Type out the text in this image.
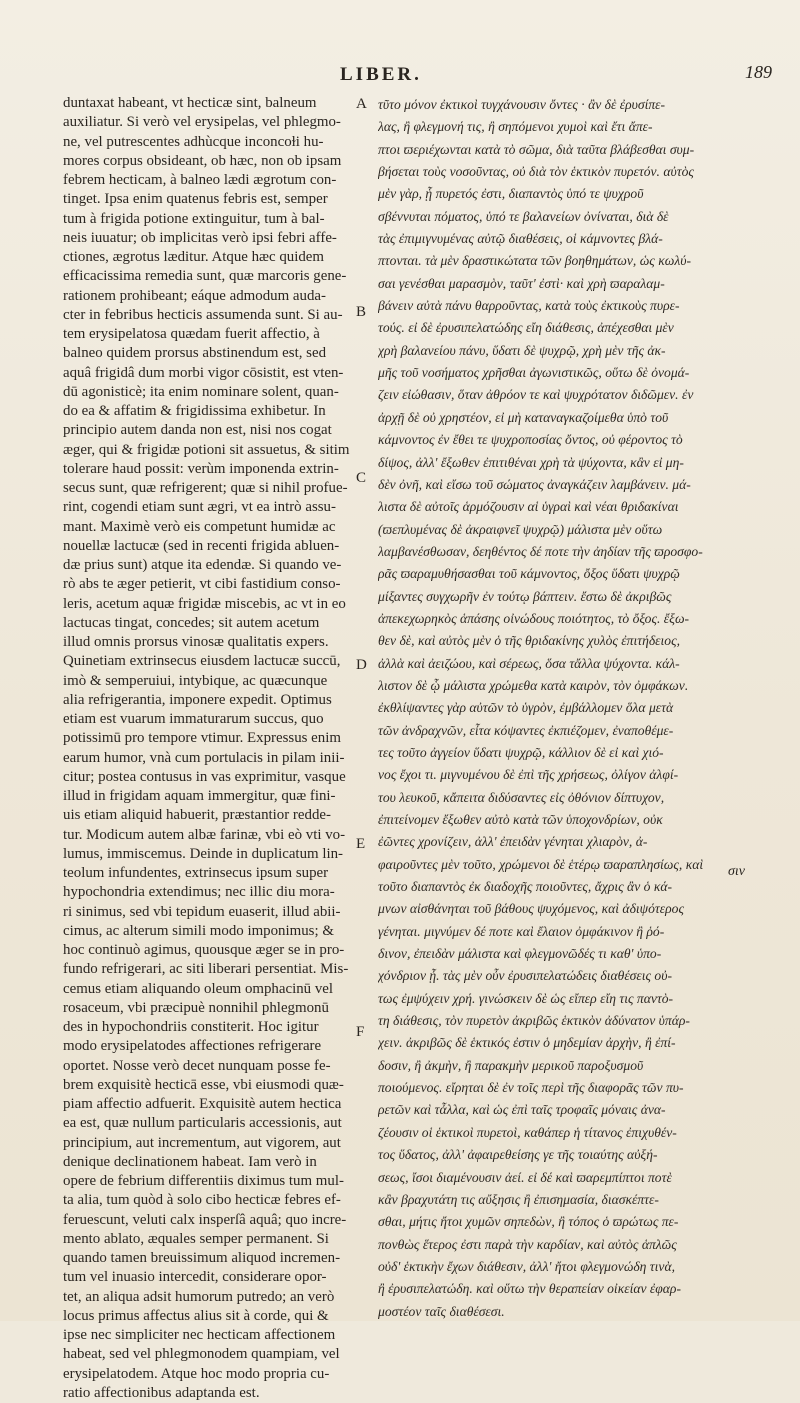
LIBER.	189
duntaxat habeant, vt hecticæ sint, balneum
auxiliatur. Si verò vel erysipelas, vel phlegmo-
ne, vel putrescentes adhùcque inconcoɫi hu-
mores corpus obsideant, ob hæc, non ob ipsam
febrem hecticam, à balneo lædi ægrotum con-
tinget. Ipsa enim quatenus febris est, semper
tum à frigida potione extinguitur, tum à bal-
neis iuuatur; ob implicitas verò ipsi febri affe-
ctiones, ægrotus læditur. Atque hæc quidem
efficacissima remedia sunt, quæ marcoris gene-
rationem prohibeant; eáque admodum auda-
cter in febribus hecticis assumenda sunt. Si au-
tem erysipelatosa quædam fuerit affectio, à
balneo quidem prorsus abstinendum est, sed
aquâ frigidâ dum morbi vigor cōsistit, est vten-
dū agonisticè; ita enim nominare solent, quan-
do ea & affatim & frigidissima exhibetur. In
principio autem danda non est, nisi nos cogat
æger, qui & frigidæ potioni sit assuetus, & sitim
tolerare haud possit: verùm imponenda extrin-
secus sunt, quæ refrigerent; quæ si nihil profue-
rint, cogendi etiam sunt ægri, vt ea intrò assu-
mant. Maximè verò eis competunt humidæ ac
nouellæ lactucæ (sed in recenti frigida abluen-
dæ prius sunt) atque ita edendæ. Si quando ve-
rò abs te æger petierit, vt cibi fastidium conso-
leris, acetum aquæ frigidæ miscebis, ac vt in eo
lactucas tingat, concedes; sit autem acetum
illud omnis prorsus vinosæ qualitatis expers.
Quinetiam extrinsecus eiusdem lactucæ succū,
imò & semperuiui, intybique, ac quæcunque
alia refrigerantia, imponere expedit. Optimus
etiam est vuarum immaturarum succus, quo
potissimū pro tempore vtimur. Expressus enim
earum humor, vnà cum portulacis in pilam inii-
citur; postea contusus in vas exprimitur, vasque
illud in frigidam aquam immergitur, quæ fini-
uis etiam aliquid habuerit, præstantior redde-
tur. Modicum autem albæ farinæ, vbi eò vti vo-
lumus, immiscemus. Deinde in duplicatum lin-
teolum infundentes, extrinsecus ipsum super
hypochondria extendimus; nec illic diu mora-
ri sinimus, sed vbi tepidum euaserit, illud abii-
cimus, ac alterum simili modo imponimus; &
hoc continuò agimus, quousque æger se in pro-
fundo refrigerari, ac siti liberari persentiat. Mis-
cemus etiam aliquando oleum omphacinū vel
rosaceum, vbi præcipuè nonnihil phlegmonū
des in hypochondriis constiterit. Hoc igitur
modo erysipelatodes affectiones refrigerare
oportet. Nosse verò decet nunquam posse fe-
brem exquisitè hecticā esse, vbi eiusmodi quæ-
piam affectio adfuerit. Exquisitè autem hectica
ea est, quæ nullum particularis accessionis, aut
principium, aut incrementum, aut vigorem, aut
denique declinationem habeat. Iam verò in
opere de febrium differentiis diximus tum mul-
ta alia, tum quòd à solo cibo hecticæ febres ef-
feruescunt, veluti calx insperſâ aquâ; quo incre-
mento ablato, æquales semper permanent. Si
quando tamen breuissimum aliquod incremen-
tum vel inuasio intercedit, considerare opor-
tet, an aliqua adsit humorum putredo; an verò
locus primus affectus alius sit à corde, qui &
ipse nec simpliciter nec hecticam affectionem
habeat, sed vel phlegmonodem quampiam, vel
erysipelatodem. Atque hoc modo propria cu-
ratio affectionibus adaptanda est.
τῦτο μόνον ἐκτικοὶ τυγχάνουσιν ὄντες · ἂν δὲ ἐρυσίπε-
λας, ἢ φλεγμονή τις, ἢ σηπόμενοι χυμοὶ καὶ ἔτι ἄπε-
πτοι ϖεριέχωνται κατὰ τὸ σῶμα, διὰ ταῦτα βλάβεσθαι συμ-
βήσεται τοὺς νοσοῦντας, οὐ διὰ τὸν ἑκτικὸν πυρετόν. αὐτὸς
μὲν γὰρ, ᾗ πυρετός ἐστι, διαπαντὸς ὑπό τε ψυχροῦ
σβέννυται πόματος, ὑπό τε βαλανείων ὀνίναται, διὰ δὲ
τὰς ἐπιμιγνυμένας αὐτῷ διαθέσεις, οἱ κάμνοντες βλά-
πτονται. τὰ μὲν δραστικώτατα τῶν βοηθημάτων, ὡς κωλύ-
σαι γενέσθαι μαρασμὸν, ταῦτ' ἐστὶ· καὶ χρὴ ϖαραλαμ-
βάνειν αὐτὰ πάνυ θαρροῦντας, κατὰ τοὺς ἐκτικοὺς πυρε-
τούς. εἰ δὲ ἐρυσιπελατώδης εἴη διάθεσις, ἀπέχεσθαι μὲν
χρὴ βαλανείου πάνυ, ὕδατι δὲ ψυχρῷ, χρὴ μὲν τῆς ἀκ-
μῆς τοῦ νοσήματος χρῆσθαι ἀγωνιστικῶς, οὕτω δὲ ὀνομά-
ζειν εἰώθασιν, ὅταν ἀθρόον τε καὶ ψυχρότατον διδῶμεν. ἐν
ἀρχῇ δὲ οὐ χρηστέον, εἰ μὴ καταναγκαζοίμεθα ὑπὸ τοῦ
κάμνοντος ἐν ἔθει τε ψυχροποσίας ὄντος, οὐ φέροντος τὸ
δίψος, ἀλλ' ἔξωθεν ἐπιτιθέναι χρὴ τὰ ψύχοντα, κἂν εἰ μη-
δὲν ὀνῆ, καὶ εἴσω τοῦ σώματος ἀναγκάζειν λαμβάνειν. μά-
λιστα δὲ αὐτοῖς ἁρμόζουσιν αἱ ὑγραὶ καὶ νέαι θριδακίναι
(ϖεπλυμένας δὲ ἀκραιφνεῖ ψυχρῷ) μάλιστα μὲν οὕτω
λαμβανέσθωσαν, δεηθέντος δέ ποτε τὴν ἀηδίαν τῆς ϖροσφο-
ρᾶς ϖαραμυθήσασθαι τοῦ κάμνοντος, ὄξος ὕδατι ψυχρῷ
μίξαντες συγχωρῆν ἐν τούτῳ βάπτειν. ἔστω δὲ ἀκριβῶς
ἀπεκεχωρηκὸς ἁπάσης οἰνώδους ποιότητος, τὸ ὄξος. ἔξω-
θεν δὲ, καὶ αὐτὸς μὲν ὁ τῆς θριδακίνης χυλὸς ἐπιτήδειος,
ἀλλὰ καὶ ἀειζώου, καὶ σέρεως, ὅσα τἄλλα ψύχοντα. κάλ-
λιστον δὲ ᾧ μάλιστα χρώμεθα κατὰ καιρὸν, τὸν ὀμφάκων.
ἐκθλίψαντες γὰρ αὐτῶν τὸ ὑγρὸν, ἐμβάλλομεν ὅλα μετὰ
τῶν ἀνδραχνῶν, εἶτα κόψαντες ἐκπιέζομεν, ἐναποθέμε-
τες τοῦτο ἀγγείον ὕδατι ψυχρῷ, κάλλιον δὲ εἰ καὶ χιό-
νος ἔχοι τι. μιγνυμένου δὲ ἐπὶ τῆς χρήσεως, ὀλίγον ἀλφί-
του λευκοῦ, κἄπειτα διδύσαντες εἰς ὀθόνιον δίπτυχον,
ἐπιτείνομεν ἔξωθεν αὐτὸ κατὰ τῶν ὑποχονδρίων, οὐκ
ἐῶντες χρονίζειν, ἀλλ' ἐπειδὰν γένηται χλιαρὸν, ἀ-
φαιροῦντες μὲν τοῦτο, χρώμενοι δὲ ἑτέρῳ ϖαραπλησίως, καὶ
τοῦτο διαπαντὸς ἐκ διαδοχῆς ποιοῦντες, ἄχρις ἂν ὁ κά-
μνων αἰσθάνηται τοῦ βάθους ψυχόμενος, καὶ ἀδιψότερος
γένηται. μιγνύμεν δέ ποτε καὶ ἔλαιον ὀμφάκινον ἢ ῥό-
δινον, ἐπειδὰν μάλιστα καὶ φλεγμονῶδές τι καθ' ὑπο-
χόνδριον ᾖ. τὰς μὲν οὖν ἐρυσιπελατώδεις διαθέσεις οὐ-
τως ἐμψύχειν χρή. γινώσκειν δὲ ὡς εἴπερ εἴη τις παντὸ-
τη διάθεσις, τὸν πυρετὸν ἀκριβῶς ἑκτικὸν ἀδύνατον ὑπάρ-
χειν. ἀκριβῶς δὲ ἑκτικός ἐστιν ὁ μηδεμίαν ἀρχὴν, ἢ ἐπί-
δοσιν, ἢ ἀκμὴν, ἢ παρακμὴν μερικοῦ παροξυσμοῦ
ποιούμενος. εἴρηται δὲ ἐν τοῖς περὶ τῆς διαφορᾶς τῶν πυ-
ρετῶν καὶ τἆλλα, καὶ ὡς ἐπὶ ταῖς τροφαῖς μόναις ἀνα-
ζέουσιν οἱ ἑκτικοὶ πυρετοὶ, καθάπερ ἡ τίτανος ἐπιχυθέν-
τος ὕδατος, ἀλλ' ἀφαιρεθείσης γε τῆς τοιαύτης αὐξή-
σεως, ἴσοι διαμένουσιν ἀεί. εἰ δέ καὶ ϖαρεμπίπτοι ποτὲ
κἂν βραχυτάτη τις αὔξησις ἢ ἐπισημασία, διασκέπτε-
σθαι, μήτις ἤτοι χυμῶν σηπεδὼν, ἢ τόπος ὁ ϖρώτως πε-
πονθὼς ἕτερος ἐστι παρὰ τὴν καρδίαν, καὶ αὐτὸς ἁπλῶς
οὐδ' ἑκτικὴν ἔχων διάθεσιν, ἀλλ' ἤτοι φλεγμονώδη τινὰ,
ἢ ἐρυσιπελατώδη. καὶ οὕτω τὴν θεραπείαν οἰκείαν ἐφαρ-
μοστέον ταῖς διαθέσεσι.
A
B
C
D
E
F
σιν
